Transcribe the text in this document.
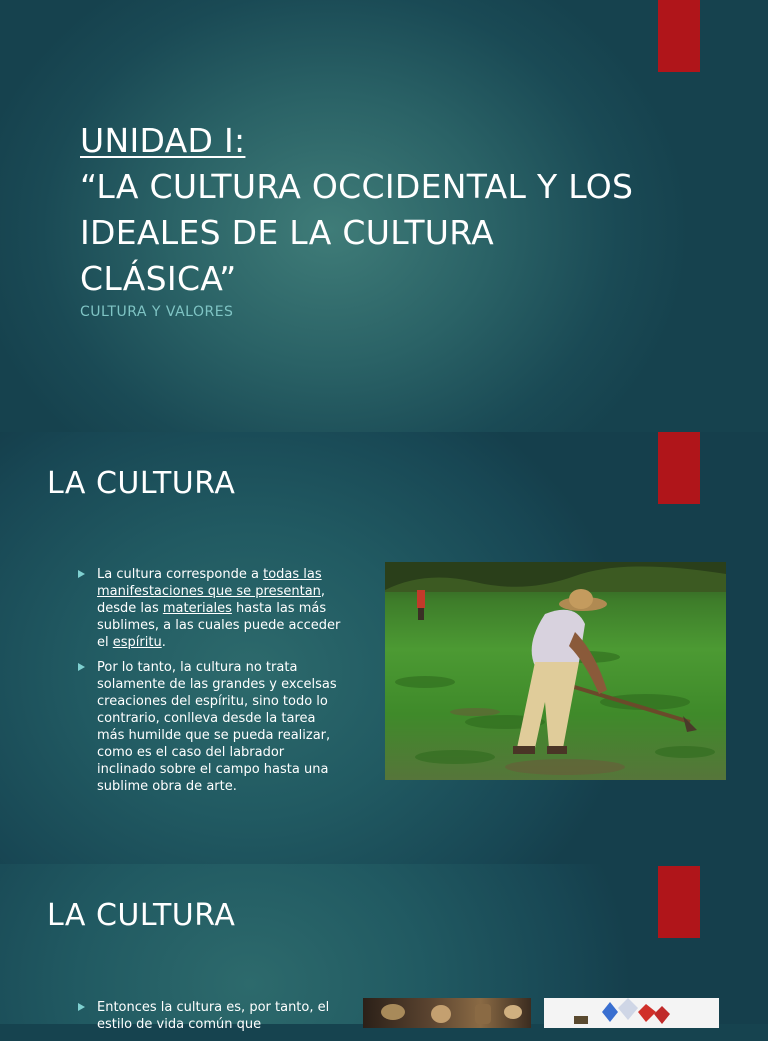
UNIDAD I:
“LA CULTURA OCCIDENTAL Y LOS IDEALES DE LA CULTURA CLÁSICA”
CULTURA Y VALORES
LA CULTURA
La cultura corresponde a todas las manifestaciones que se presentan, desde las materiales hasta las más sublimes, a las cuales puede acceder el espíritu.
Por lo tanto, la cultura no trata solamente de las grandes y excelsas creaciones del espíritu, sino todo lo contrario, conlleva desde la tarea más humilde que se pueda realizar, como es el caso del labrador inclinado sobre el campo hasta una sublime obra de arte.
LA CULTURA
Entonces la cultura es, por tanto, el estilo de vida común que
